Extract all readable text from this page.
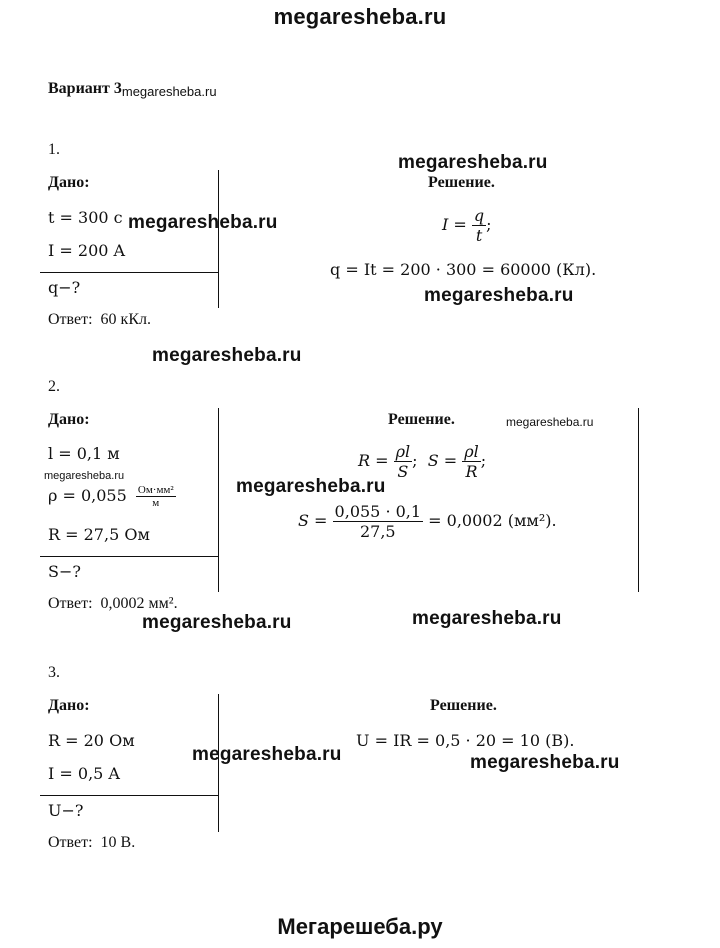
megaresheba.ru
Вариант 3megaresheba.ru
1.
Дано:
t = 300 с
I = 200 A
q−?
Ответ: 60 кКл.
Решение.
$I = \frac{q}{t}$ ;
q = It = 200 · 300 = 60000 (Кл).
2.
Дано:
l = 0,1 м
$\rho = 0,055 \frac{\text{Ом·мм²}}{м}$
R = 27,5 Ом
S−?
Ответ: 0,0002 мм².
Решение.
$R = \frac{\rho l}{S}$ ;  $S = \frac{\rho l}{R}$ ;
$S = \frac{0,055 \cdot 0,1}{27,5} = 0,0002$ (мм²).
3.
Дано:
R = 20 Ом
I = 0,5 A
U−?
Ответ: 10 В.
Решение.
U = IR = 0,5 · 20 = 10 (В).
megaresheba.ru
megaresheba.ru
megaresheba.ru
megaresheba.ru
megaresheba.ru
megaresheba.ru	megaresheba.ru
megaresheba.ru
megaresheba.ru
megaresheba.ru	megaresheba.ru
Мегарешеба.ру
